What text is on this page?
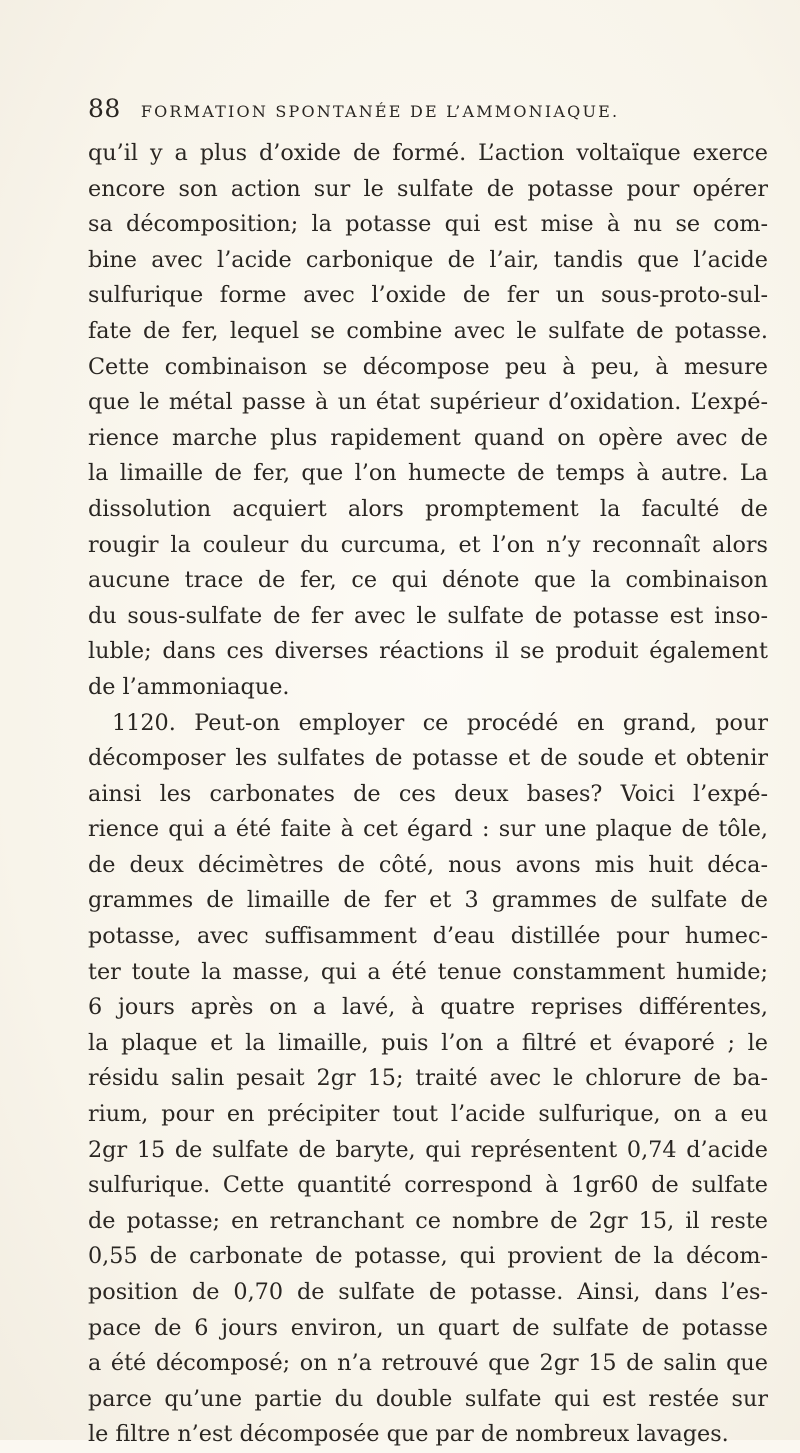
88 FORMATION SPONTANÉE DE L’AMMONIAQUE.
qu’il y a plus d’oxide de formé. L’action voltaïque exerce
encore son action sur le sulfate de potasse pour opérer
sa décomposition; la potasse qui est mise à nu se com-
bine avec l’acide carbonique de l’air, tandis que l’acide
sulfurique forme avec l’oxide de fer un sous-proto-sul-
fate de fer, lequel se combine avec le sulfate de potasse.
Cette combinaison se décompose peu à peu, à mesure
que le métal passe à un état supérieur d’oxidation. L’expé-
rience marche plus rapidement quand on opère avec de
la limaille de fer, que l’on humecte de temps à autre. La
dissolution acquiert alors promptement la faculté de
rougir la couleur du curcuma, et l’on n’y reconnaît alors
aucune trace de fer, ce qui dénote que la combinaison
du sous-sulfate de fer avec le sulfate de potasse est inso-
luble; dans ces diverses réactions il se produit également
de l’ammoniaque.
1120. Peut-on employer ce procédé en grand, pour
décomposer les sulfates de potasse et de soude et obtenir
ainsi les carbonates de ces deux bases? Voici l’expé-
rience qui a été faite à cet égard : sur une plaque de tôle,
de deux décimètres de côté, nous avons mis huit déca-
grammes de limaille de fer et 3 grammes de sulfate de
potasse, avec suffisamment d’eau distillée pour humec-
ter toute la masse, qui a été tenue constamment humide;
6 jours après on a lavé, à quatre reprises différentes,
la plaque et la limaille, puis l’on a filtré et évaporé ; le
résidu salin pesait 2gr 15; traité avec le chlorure de ba-
rium, pour en précipiter tout l’acide sulfurique, on a eu
2gr 15 de sulfate de baryte, qui représentent 0,74 d’acide
sulfurique. Cette quantité correspond à 1gr60 de sulfate
de potasse; en retranchant ce nombre de 2gr 15, il reste
0,55 de carbonate de potasse, qui provient de la décom-
position de 0,70 de sulfate de potasse. Ainsi, dans l’es-
pace de 6 jours environ, un quart de sulfate de potasse
a été décomposé; on n’a retrouvé que 2gr 15 de salin que
parce qu’une partie du double sulfate qui est restée sur
le filtre n’est décomposée que par de nombreux lavages.
